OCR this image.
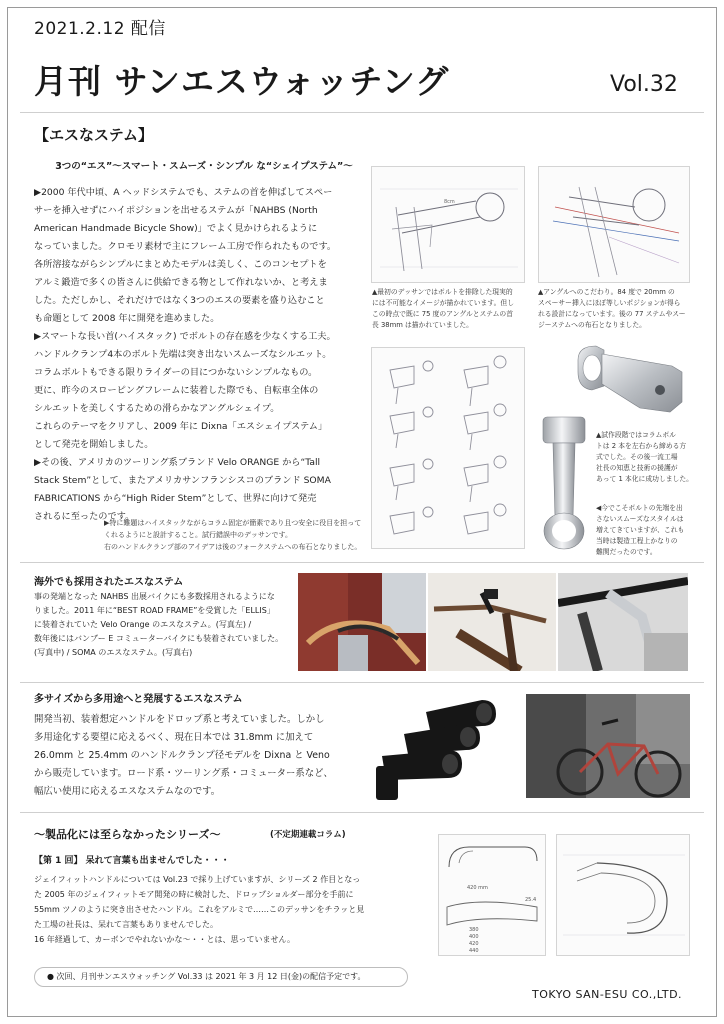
2021.2.12 配信
月刊 サンエスウォッチング	Vol.32
【エスなステム】
3つの“エス”〜スマート・スムーズ・シンプル な“シェイプステム”〜
▶2000 年代中頃、A ヘッドシステムでも、ステムの首を伸ばしてスペー
サーを挿入せずにハイポジションを出せるステムが「NAHBS (North
American Handmade Bicycle Show)」でよく見かけられるように
なっていました。クロモリ素材で主にフレーム工房で作られたものです。
各所溶接ながらシンプルにまとめたモデルは美しく、このコンセプトを
アルミ鍛造で多くの皆さんに供給できる物として作れないか、と考えま
した。ただしかし、それだけではなく3つのエスの要素を盛り込むこと
も命題として 2008 年に開発を進めました。
▶スマートな長い首(ハイスタック) でボルトの存在感を少なくする工夫。
ハンドルクランプ4本のボルト先端は突き出ないスムーズなシルエット。
コラムボルトもできる限りライダーの目につかないシンプルなもの。
更に、昨今のスローピングフレームに装着した際でも、自転車全体の
シルエットを美しくするための滑らかなアングルシェイプ。
これらのテーマをクリアし、2009 年に Dixna「エスシェイプステム」
として発売を開始しました。
▶その後、アメリカのツーリング系ブランド Velo ORANGE から“Tall
Stack Stem”として、またアメリカサンフランシスコのブランド SOMA
FABRICATIONS から“High Rider Stem”として、世界に向けて発売
されるに至ったのです。
▶特に難題はハイスタックながらコラム固定が簡素であり且つ安全に役目を担って
くれるようにと設計すること。試行錯誤中のデッサンです。
右のハンドルクランプ部のアイデアは後のフォークステムへの布石となりました。
8cm
▲最初のデッサンではボルトを排除した現実的
には不可能なイメージが描かれています。但し
この時点で既に 75 度のアングルとステムの首
長 38mm は描かれていました。
▲アングルへのこだわり。84 度で 20mm の
スペーサー挿入にほぼ等しいポジションが得ら
れる設計になっています。後の 77 ステムやスー
ジーステムへの布石となりました。
▲試作段階ではコラムボル
トは 2 本を左右から締める方
式でした。その後一流工場
社長の知恵と技術の援護が
あって 1 本化に成功しました。
◀今でこそボルトの先端を出
さないスムーズなスタイルは
増えてきていますが、これも
当時は製造工程上かなりの
難関だったのです。
海外でも採用されたエスなステム
事の発端となった NAHBS 出展バイクにも多数採用されるようにな
りました。2011 年に“BEST ROAD FRAME”を受賞した「ELLIS」
に装着されていた Velo Orange のエスなステム。(写真左) /
数年後にはバンブー E コミューターバイクにも装着されていました。
(写真中) / SOMA のエスなステム。(写真右)
多サイズから多用途へと発展するエスなステム
開発当初、装着想定ハンドルをドロップ系と考えていました。しかし
多用途化する要望に応えるべく、現在日本では 31.8mm に加えて
26.0mm と 25.4mm のハンドルクランプ径モデルを Dixna と Veno
から販売しています。ロード系・ツーリング系・コミューター系など、
幅広い使用に応えるエスなステムなのです。
〜製品化には至らなかったシリーズ〜	(不定期連載コラム)
【第 1 回】 呆れて言葉も出ませんでした・・・
ジェイフィットハンドルについては Vol.23 で採り上げていますが、シリーズ 2 作目となっ
た 2005 年のジェイフィットモア開発の時に検討した、ドロップショルダー部分を手前に
55mm ツノのように突き出させたハンドル。これをアルミで……このデッサンをチラッと見
た工場の社長は、呆れて言葉もありませんでした。
16 年経過して、カーボンでやれないかな〜・・とは、思っていません。
420 mm
380
400
420
440
25.4
● 次回、月刊サンエスウォッチング Vol.33 は 2021 年 3 月 12 日(金)の配信予定です。
TOKYO SAN-ESU CO.,LTD.
